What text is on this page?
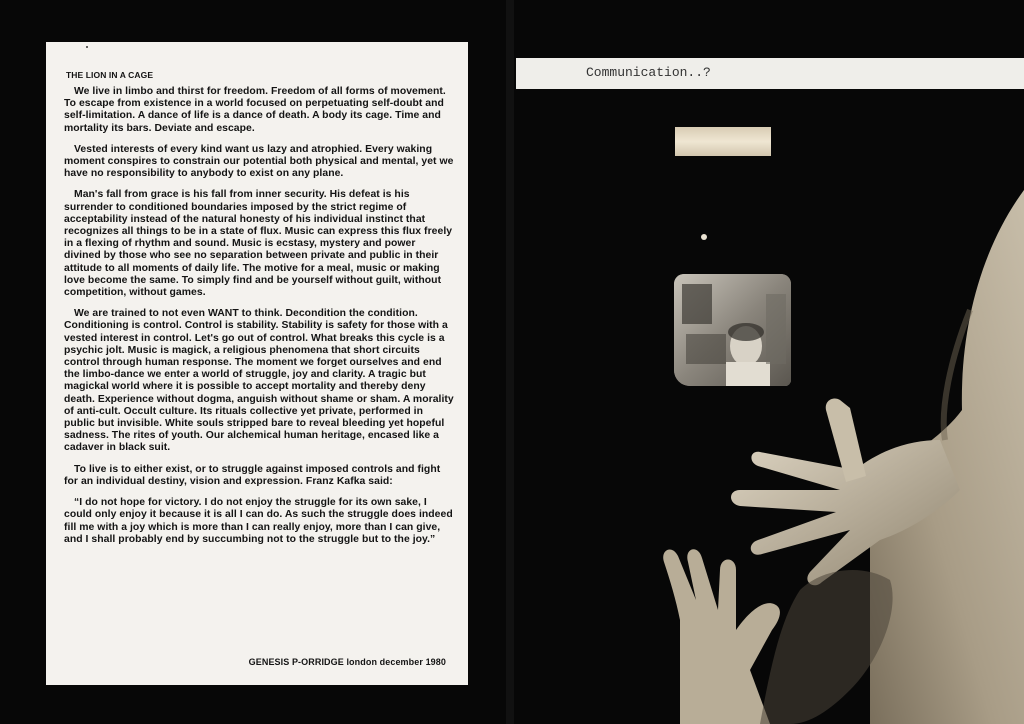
THE LION IN A CAGE

We live in limbo and thirst for freedom. Freedom of all forms of movement. To escape from existence in a world focused on perpetuating self-doubt and self-limitation. A dance of life is a dance of death. A body its cage. Time and mortality its bars. Deviate and escape.

Vested interests of every kind want us lazy and atrophied. Every waking moment conspires to constrain our potential both physical and mental, yet we have no responsibility to anybody to exist on any plane.

Man's fall from grace is his fall from inner security. His defeat is his surrender to conditioned boundaries imposed by the strict regime of acceptability instead of the natural honesty of his individual instinct that recognizes all things to be in a state of flux. Music can express this flux freely in a flexing of rhythm and sound. Music is ecstasy, mystery and power divined by those who see no separation between private and public in their attitude to all moments of daily life. The motive for a meal, music or making love become the same. To simply find and be yourself without guilt, without competition, without games.

We are trained to not even WANT to think. Decondition the condition. Conditioning is control. Control is stability. Stability is safety for those with a vested interest in control. Let's go out of control. What breaks this cycle is a psychic jolt. Music is magick, a religious phenomena that short circuits control through human response. The moment we forget ourselves and end the limbo-dance we enter a world of struggle, joy and clarity. A tragic but magickal world where it is possible to accept mortality and thereby deny death. Experience without dogma, anguish without shame or sham. A morality of anti-cult. Occult culture. Its rituals collective yet private, performed in public but invisible. White souls stripped bare to reveal bleeding yet hopeful sadness. The rites of youth. Our alchemical human heritage, encased like a cadaver in black suit.

To live is to either exist, or to struggle against imposed controls and fight for an individual destiny, vision and expression. Franz Kafka said:

“I do not hope for victory. I do not enjoy the struggle for its own sake, I could only enjoy it because it is all I can do. As such the struggle does indeed fill me with a joy which is more than I can really enjoy, more than I can give, and I shall probably end by succumbing not to the struggle but to the joy.”

GENESIS P-ORRIDGE london december 1980
Communication..?
